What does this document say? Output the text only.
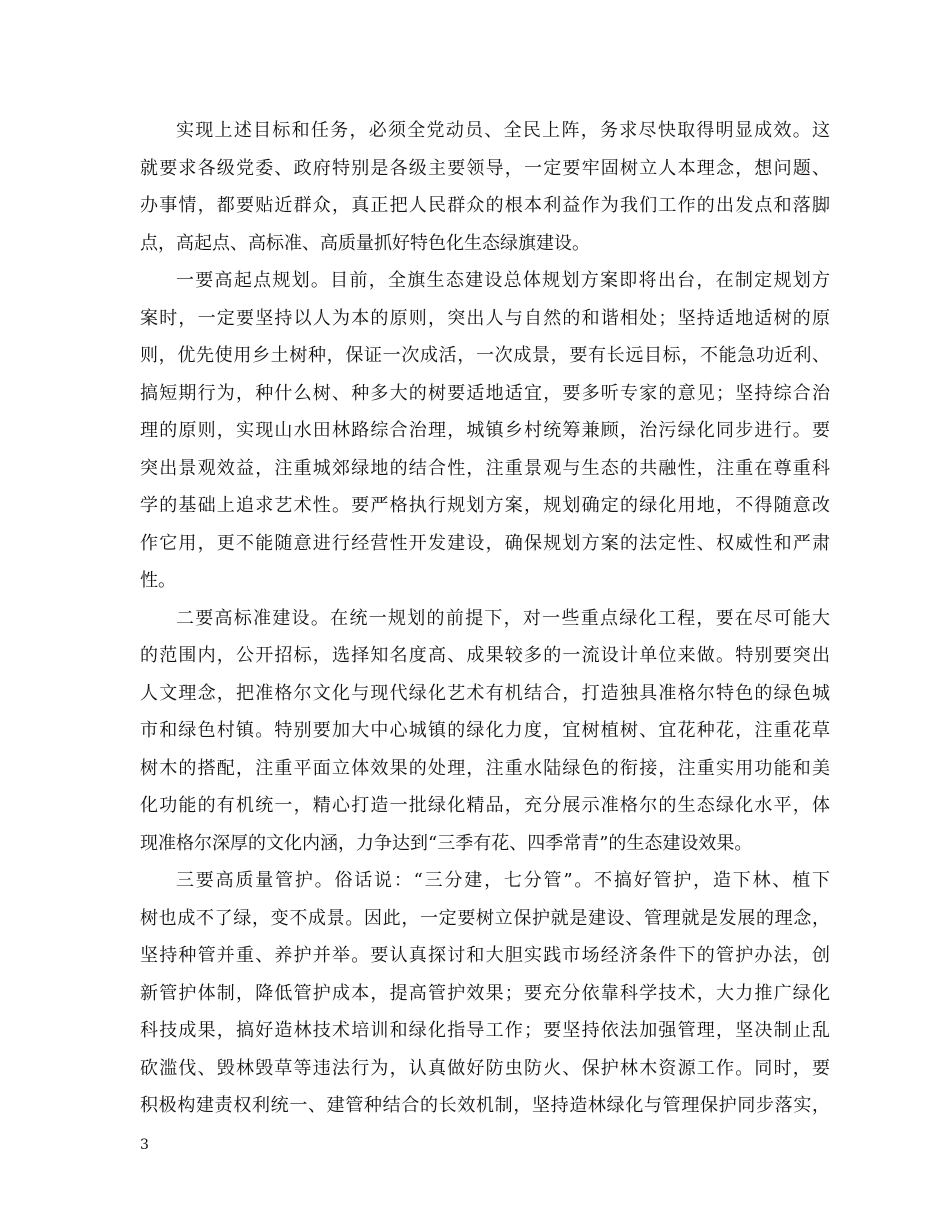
实现上述目标和任务，必须全党动员、全民上阵，务求尽快取得明显成效。这
就要求各级党委、政府特别是各级主要领导，一定要牢固树立人本理念，想问题、
办事情，都要贴近群众，真正把人民群众的根本利益作为我们工作的出发点和落脚
点，高起点、高标准、高质量抓好特色化生态绿旗建设。
一要高起点规划。目前，全旗生态建设总体规划方案即将出台，在制定规划方
案时，一定要坚持以人为本的原则，突出人与自然的和谐相处；坚持适地适树的原
则，优先使用乡土树种，保证一次成活，一次成景，要有长远目标，不能急功近利、
搞短期行为，种什么树、种多大的树要适地适宜，要多听专家的意见；坚持综合治
理的原则，实现山水田林路综合治理，城镇乡村统筹兼顾，治污绿化同步进行。要
突出景观效益，注重城郊绿地的结合性，注重景观与生态的共融性，注重在尊重科
学的基础上追求艺术性。要严格执行规划方案，规划确定的绿化用地，不得随意改
作它用，更不能随意进行经营性开发建设，确保规划方案的法定性、权威性和严肃
性。
二要高标准建设。在统一规划的前提下，对一些重点绿化工程，要在尽可能大
的范围内，公开招标，选择知名度高、成果较多的一流设计单位来做。特别要突出
人文理念，把准格尔文化与现代绿化艺术有机结合，打造独具准格尔特色的绿色城
市和绿色村镇。特别要加大中心城镇的绿化力度，宜树植树、宜花种花，注重花草
树木的搭配，注重平面立体效果的处理，注重水陆绿色的衔接，注重实用功能和美
化功能的有机统一，精心打造一批绿化精品，充分展示准格尔的生态绿化水平，体
现准格尔深厚的文化内涵，力争达到“三季有花、四季常青”的生态建设效果。
三要高质量管护。俗话说：“三分建，七分管”。不搞好管护，造下林、植下
树也成不了绿，变不成景。因此，一定要树立保护就是建设、管理就是发展的理念，
坚持种管并重、养护并举。要认真探讨和大胆实践市场经济条件下的管护办法，创
新管护体制，降低管护成本，提高管护效果；要充分依靠科学技术，大力推广绿化
科技成果，搞好造林技术培训和绿化指导工作；要坚持依法加强管理，坚决制止乱
砍滥伐、毁林毁草等违法行为，认真做好防虫防火、保护林木资源工作。同时，要
积极构建责权利统一、建管种结合的长效机制，坚持造林绿化与管理保护同步落实，
3
